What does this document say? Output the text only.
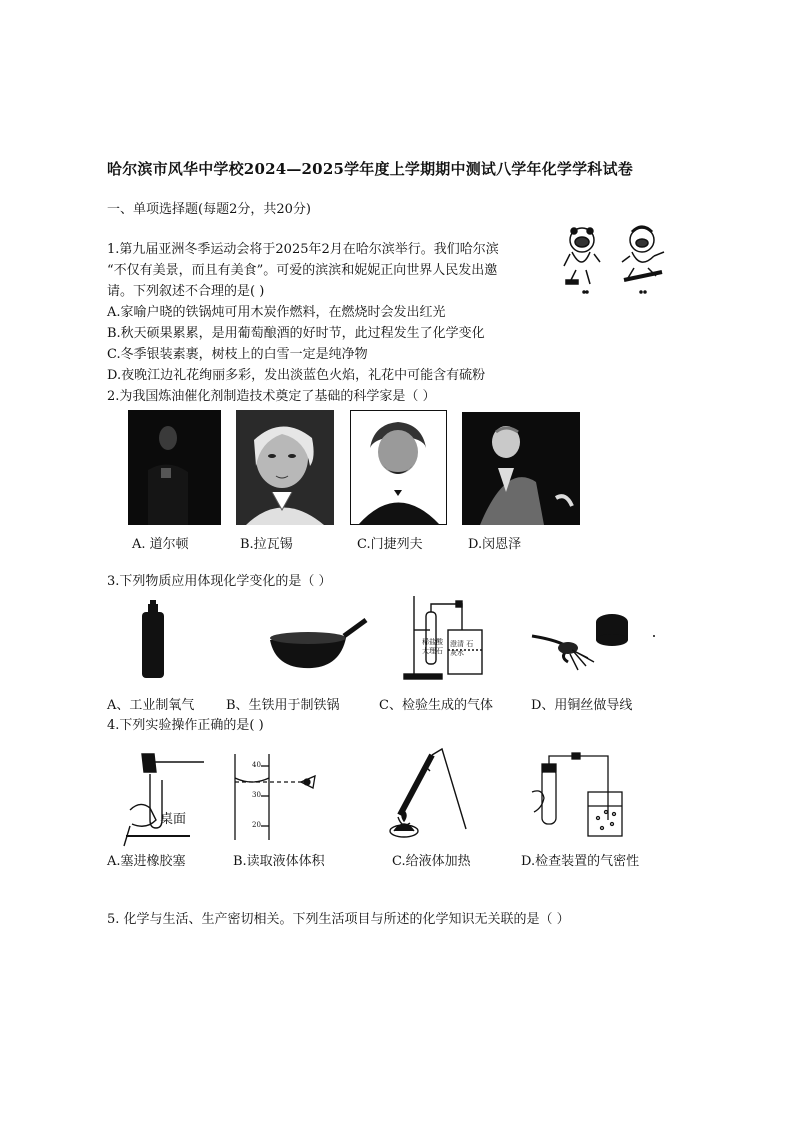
哈尔滨市风华中学校2024—2025学年度上学期期中测试八学年化学学科试卷
一、单项选择题(每题2分，共20分)
1.第九届亚洲冬季运动会将于2025年2月在哈尔滨举行。我们哈尔滨
“不仅有美景，而且有美食”。可爱的滨滨和妮妮正向世界人民发出邀
请。下列叙述不合理的是( )
A.家喻户晓的铁锅炖可用木炭作燃料，在燃烧时会发出红光
B.秋天硕果累累，是用葡萄酿酒的好时节，此过程发生了化学变化
C.冬季银装素裹，树枝上的白雪一定是纯净物
D.夜晚江边礼花绚丽多彩，发出淡蓝色火焰，礼花中可能含有硫粉
2.为我国炼油催化剂制造技术奠定了基础的科学家是（ ）
A. 道尔顿	B.拉瓦锡	C.门捷列夫	D.闵恩泽
3.下列物质应用体现化学变化的是（ ）
稀盐酸 大理石
澄清 石灰水
A、工业制氧气 B、生铁用于制铁锅	C、检验生成的气体	D、用铜丝做导线
4.下列实验操作正确的是( )
桌面
40
30
20
A.塞进橡胶塞	B.读取液体体积	C.给液体加热	D.检查装置的气密性
5. 化学与生活、生产密切相关。下列生活项目与所述的化学知识无关联的是（ ）
